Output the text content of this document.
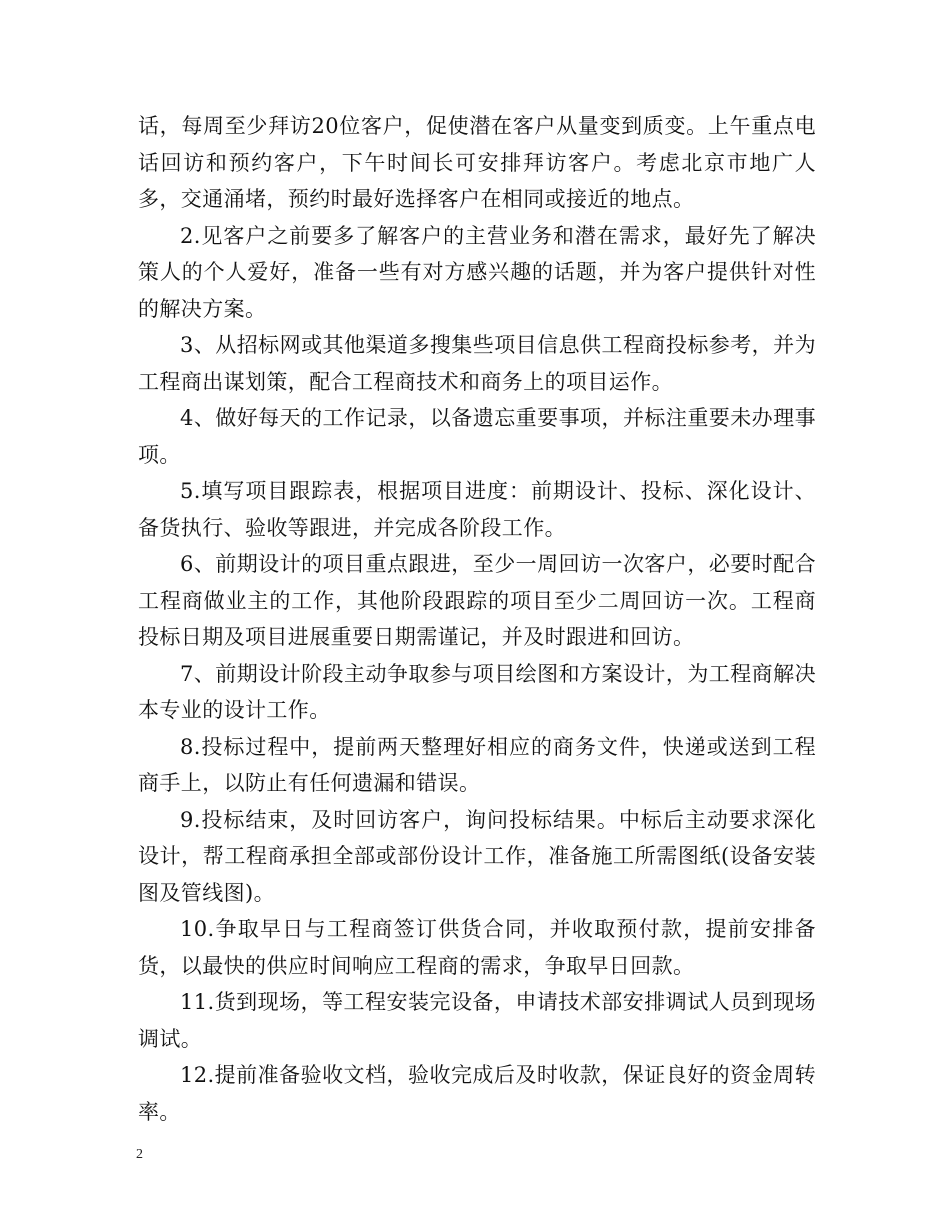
话，每周至少拜访20位客户，促使潜在客户从量变到质变。上午重点电话回访和预约客户，下午时间长可安排拜访客户。考虑北京市地广人多，交通涌堵，预约时最好选择客户在相同或接近的地点。

2.见客户之前要多了解客户的主营业务和潜在需求，最好先了解决策人的个人爱好，准备一些有对方感兴趣的话题，并为客户提供针对性的解决方案。

3、从招标网或其他渠道多搜集些项目信息供工程商投标参考，并为工程商出谋划策，配合工程商技术和商务上的项目运作。

4、做好每天的工作记录，以备遗忘重要事项，并标注重要未办理事项。

5.填写项目跟踪表，根据项目进度：前期设计、投标、深化设计、备货执行、验收等跟进，并完成各阶段工作。

6、前期设计的项目重点跟进，至少一周回访一次客户，必要时配合工程商做业主的工作，其他阶段跟踪的项目至少二周回访一次。工程商投标日期及项目进展重要日期需谨记，并及时跟进和回访。

7、前期设计阶段主动争取参与项目绘图和方案设计，为工程商解决本专业的设计工作。

8.投标过程中，提前两天整理好相应的商务文件，快递或送到工程商手上，以防止有任何遗漏和错误。

9.投标结束，及时回访客户，询问投标结果。中标后主动要求深化设计，帮工程商承担全部或部份设计工作，准备施工所需图纸(设备安装图及管线图)。

10.争取早日与工程商签订供货合同，并收取预付款，提前安排备货，以最快的供应时间响应工程商的需求，争取早日回款。

11.货到现场，等工程安装完设备，申请技术部安排调试人员到现场调试。

12.提前准备验收文档，验收完成后及时收款，保证良好的资金周转率。

2
